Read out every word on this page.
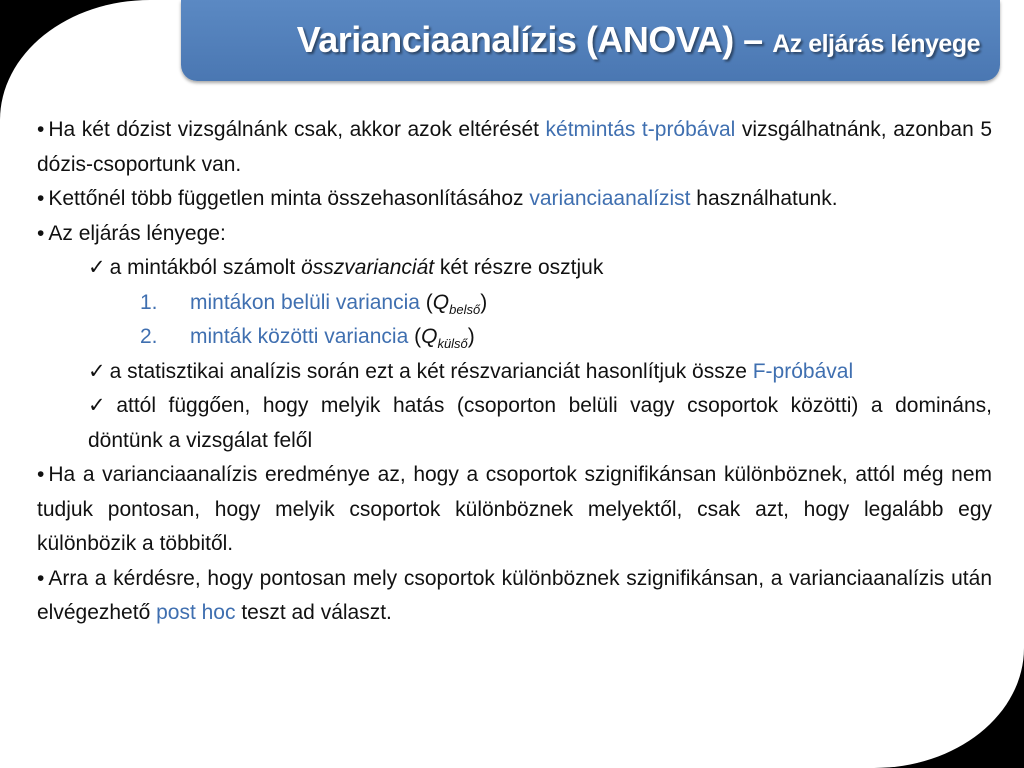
Varianciaanalízis (ANOVA) – Az eljárás lényege

• Ha két dózist vizsgálnánk csak, akkor azok eltérését kétmintás t-próbával vizsgálhatnánk, azonban 5 dózis-csoportunk van.

• Kettőnél több független minta összehasonlításához varianciaanalízist használhatunk.

• Az eljárás lényege:

✓ a mintákból számolt összvarianciát két részre osztjuk

1. mintákon belüli variancia $(Q_{belső})$

2. minták közötti variancia $(Q_{külső})$

✓ a statisztikai analízis során ezt a két részvarianciát hasonlítjuk össze F-próbával

✓ attól függően, hogy melyik hatás (csoporton belüli vagy csoportok közötti) a domináns, döntünk a vizsgálat felől

• Ha a varianciaanalízis eredménye az, hogy a csoportok szignifikánsan különböznek, attól még nem tudjuk pontosan, hogy melyik csoportok különböznek melyektől, csak azt, hogy legalább egy különbözik a többitől.

• Arra a kérdésre, hogy pontosan mely csoportok különböznek szignifikánsan, a varianciaanalízis után elvégezhető post hoc teszt ad választ.
